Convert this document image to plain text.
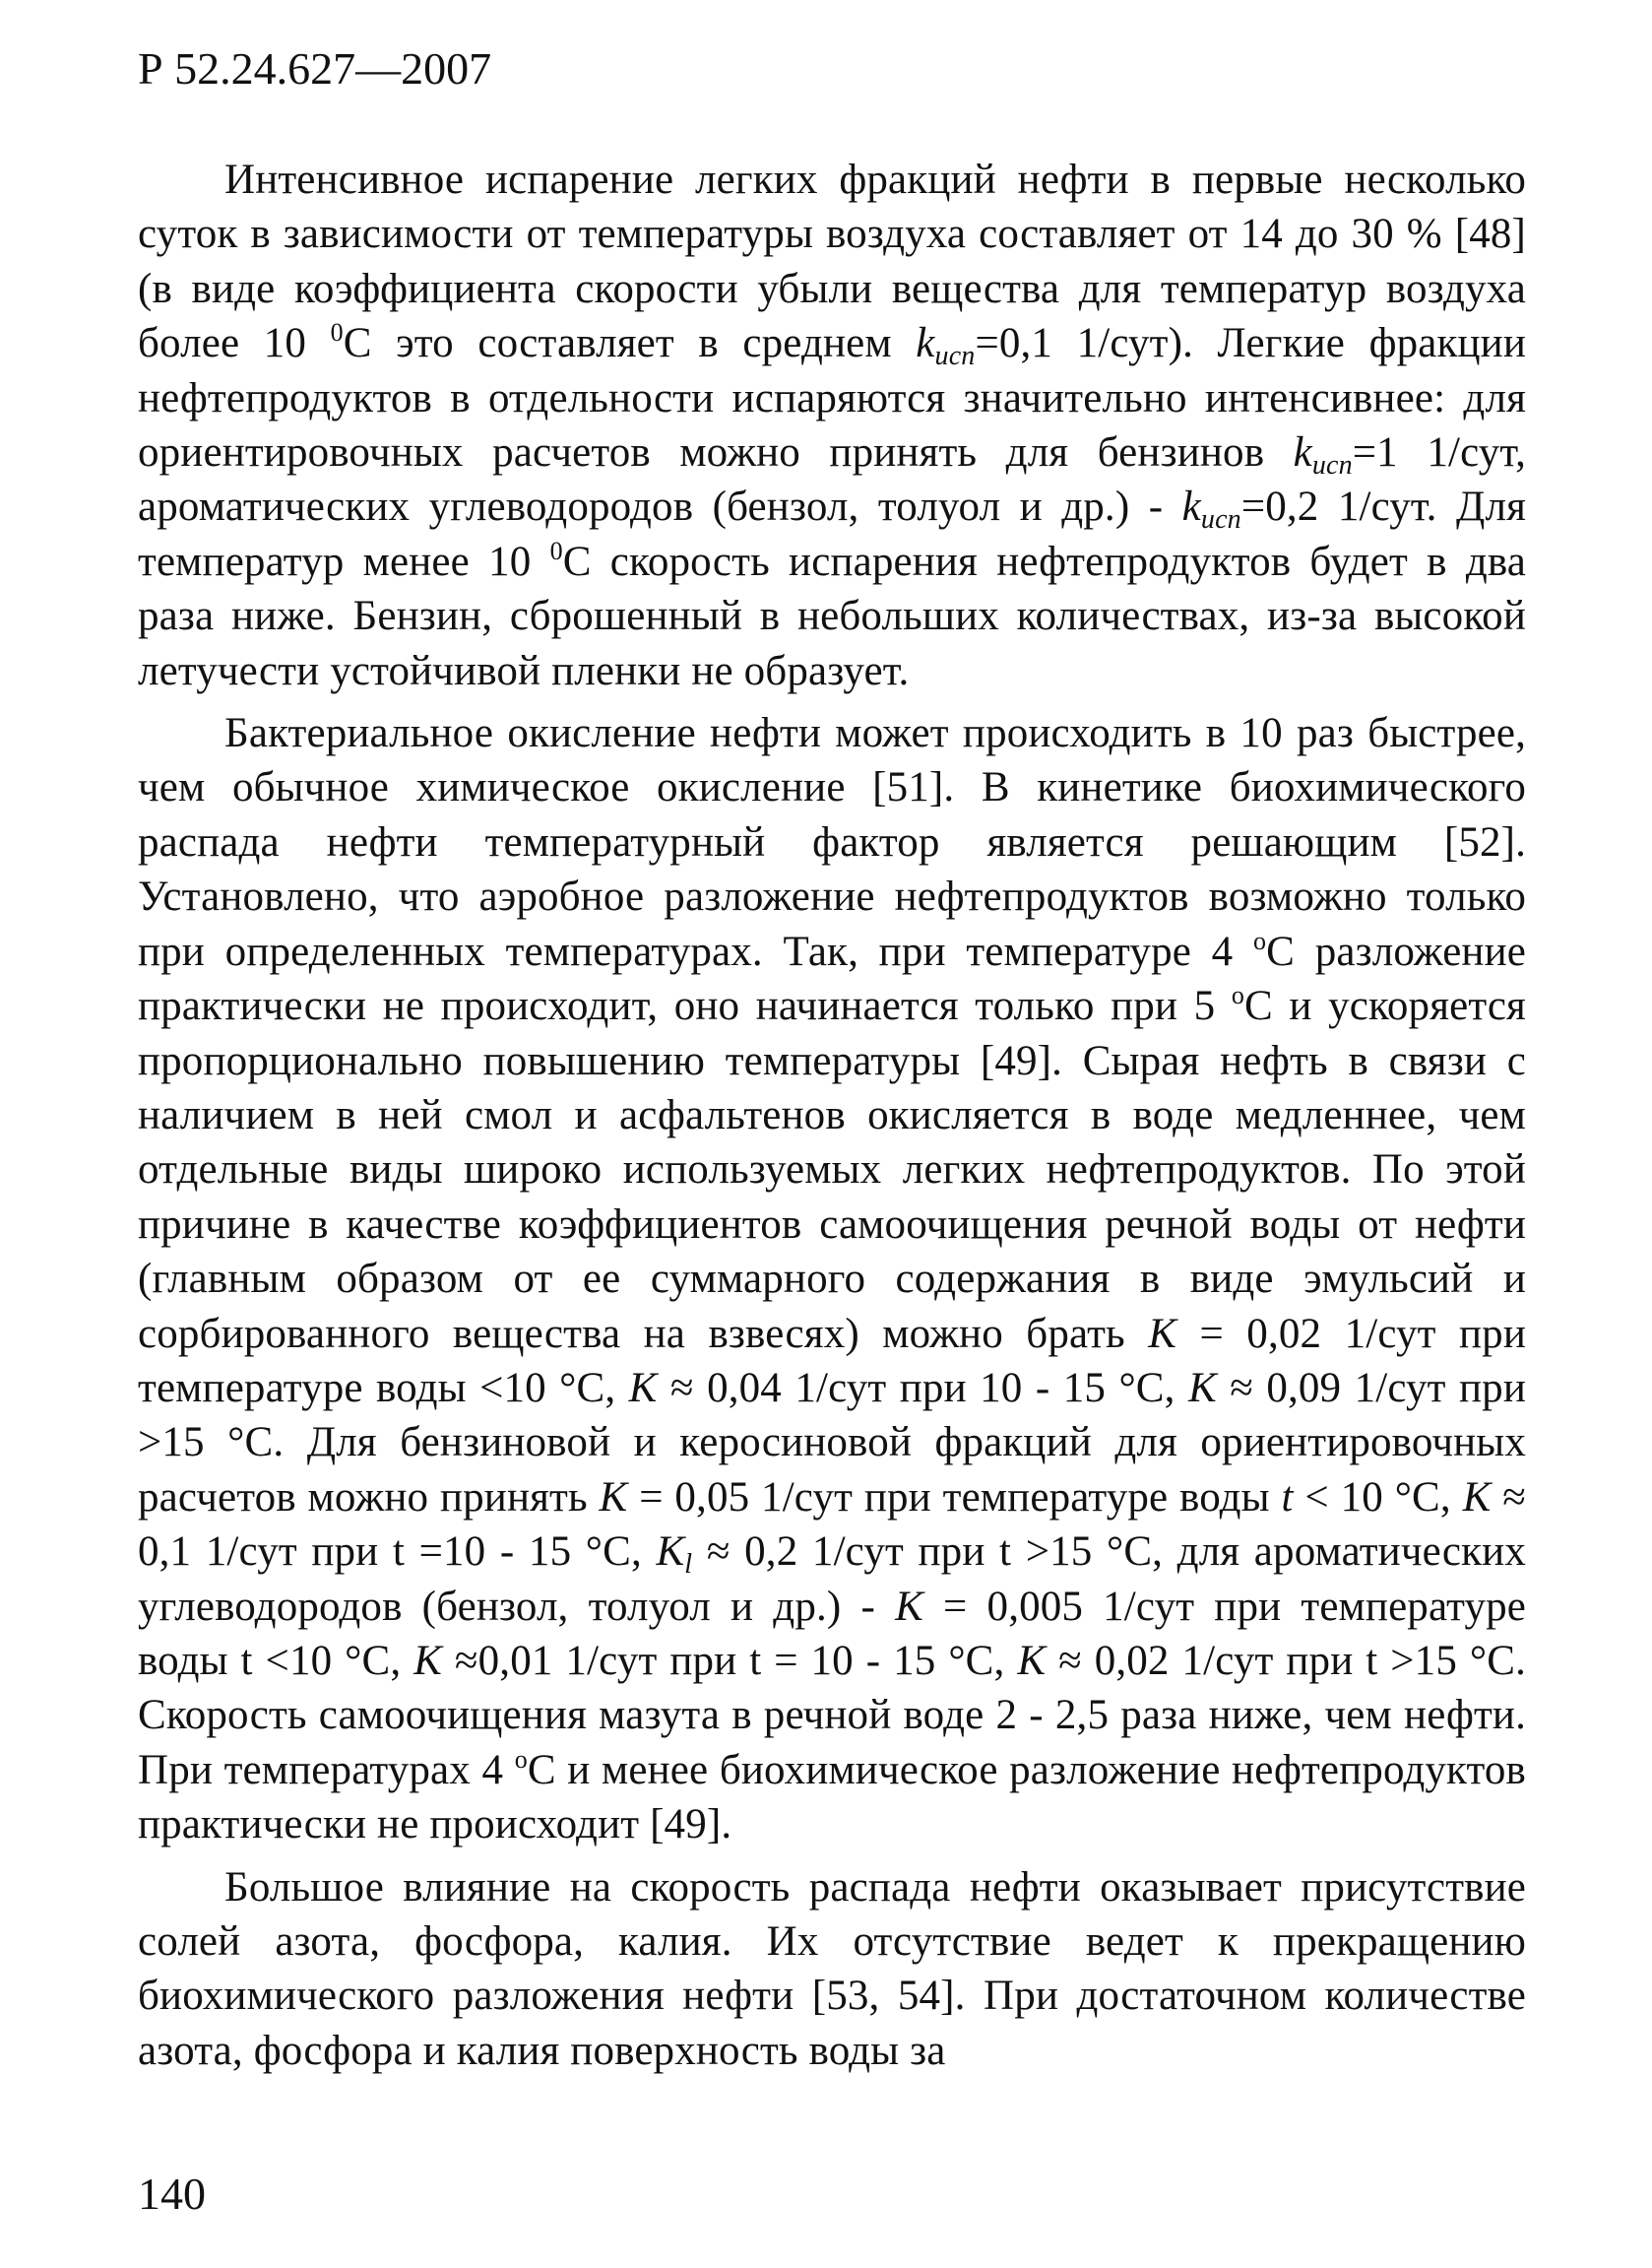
Р 52.24.627—2007

Интенсивное испарение легких фракций нефти в первые несколько суток в зависимости от температуры воздуха составляет от 14 до 30 % [48] (в виде коэффициента скорости убыли вещества для температур воздуха более 10 $^0$С это составляет в среднем $k_{исп}=0,1$ 1/сут). Легкие фракции нефтепродуктов в отдельности испаряются значительно интенсивнее: для ориентировочных расчетов можно принять для бензинов $k_{исп}=1$ 1/сут, ароматических углеводородов (бензол, толуол и $др.) - k_{исп}=0,2$ 1/сут. Для температур менее 10 $^0$С скорость испарения нефтепродуктов будет в два раза ниже. Бензин, сброшенный в небольших количествах, из-за высокой летучести устойчивой пленки не образует.

Бактериальное окисление нефти может происходить в 10 раз быстрее, чем обычное химическое окисление [51]. В кинетике биохимического распада нефти температурный фактор является решающим [52]. Установлено, что аэробное разложение нефтепродуктов возможно только при определенных температурах. Так, при температуре 4 $^о$С разложение практически не происходит, оно начинается только при 5 $^о$С и ускоряется пропорционально повышению температуры [49]. Сырая нефть в связи с наличием в ней смол и асфальтенов окисляется в воде медленнее, чем отдельные виды широко используемых легких нефтепродуктов. По этой причине в качестве коэффициентов самоочищения речной воды от нефти (главным образом от ее суммарного содержания в виде эмульсий и сорбированного вещества на взвесях) можно брать K = 0,02 1/сут при температуре воды <10 °С, K ≈ 0,04 1/сут при 10 - 15 °С, K ≈ 0,09 1/сут при >15 °С. Для бензиновой и керосиновой фракций для ориентировочных расчетов можно принять K = 0,05 1/сут при температуре воды t < 10 °С, K ≈ 0,1 1/сут при t =10 - 15 °С, $K_l \approx 0,2$ 1/сут при t >15 °С, для ароматических углеводородов (бензол, толуол и др.) - K = 0,005 1/сут при температуре воды t <10 °С, K ≈0,01 1/сут при t = 10 - 15 °С, K ≈ 0,02 1/сут при t >15 °С. Скорость самоочищения мазута в речной воде 2 - 2,5 раза ниже, чем нефти. При температурах 4 $^о$С и менее биохимическое разложение нефтепродуктов практически не происходит [49].

Большое влияние на скорость распада нефти оказывает присутствие солей азота, фосфора, калия. Их отсутствие ведет к прекращению биохимического разложения нефти [53, 54]. При достаточном количестве азота, фосфора и калия поверхность воды за

140
